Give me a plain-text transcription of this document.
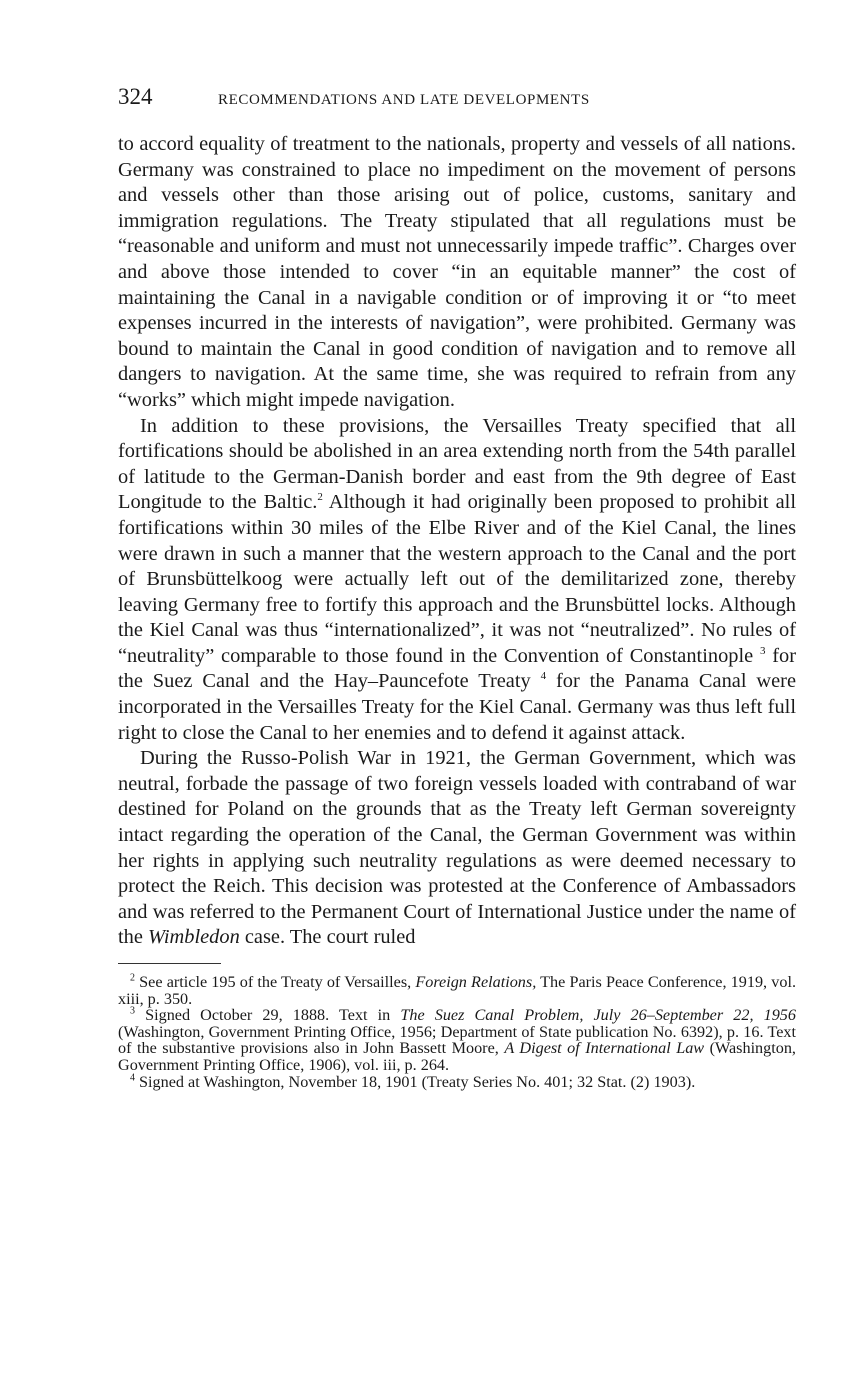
324	RECOMMENDATIONS AND LATE DEVELOPMENTS

to accord equality of treatment to the nationals, property and vessels of all nations. Germany was constrained to place no impediment on the movement of persons and vessels other than those arising out of police, customs, sanitary and immigration regulations. The Treaty stipulated that all regulations must be “reasonable and uniform and must not unnecessarily impede traffic”. Charges over and above those intended to cover “in an equitable manner” the cost of maintaining the Canal in a navigable condition or of improving it or “to meet expenses incurred in the interests of navigation”, were prohibited. Germany was bound to maintain the Canal in good condition of navigation and to remove all dangers to navigation. At the same time, she was required to refrain from any “works” which might impede navigation.

In addition to these provisions, the Versailles Treaty specified that all fortifications should be abolished in an area extending north from the 54th parallel of latitude to the German-Danish border and east from the 9th degree of East Longitude to the Baltic.$^2$ Although it had originally been proposed to prohibit all fortifications within 30 miles of the Elbe River and of the Kiel Canal, the lines were drawn in such a manner that the western approach to the Canal and the port of Brunsbüttelkoog were actually left out of the demilitarized zone, thereby leaving Germany free to fortify this approach and the Brunsbüttel locks. Although the Kiel Canal was thus “internationalized”, it was not “neutralized”. No rules of “neutrality” comparable to those found in the Convention of Constantinople $^3$ for the Suez Canal and the Hay–Pauncefote Treaty $^4$ for the Panama Canal were incorporated in the Versailles Treaty for the Kiel Canal. Germany was thus left full right to close the Canal to her enemies and to defend it against attack.

During the Russo-Polish War in 1921, the German Government, which was neutral, forbade the passage of two foreign vessels loaded with contraband of war destined for Poland on the grounds that as the Treaty left German sovereignty intact regarding the operation of the Canal, the German Government was within her rights in applying such neutrality regulations as were deemed necessary to protect the Reich. This decision was protested at the Conference of Ambassadors and was referred to the Permanent Court of International Justice under the name of the Wimbledon case. The court ruled

$^2$ See article 195 of the Treaty of Versailles, Foreign Relations, The Paris Peace Conference, 1919, vol. xiii, p. 350.

$^3$ Signed October 29, 1888. Text in The Suez Canal Problem, July 26–September 22, 1956 (Washington, Government Printing Office, 1956; Department of State publication No. 6392), p. 16. Text of the substantive provisions also in John Bassett Moore, A Digest of International Law (Washington, Government Printing Office, 1906), vol. iii, p. 264.

$^4$ Signed at Washington, November 18, 1901 (Treaty Series No. 401; 32 Stat. (2) 1903).
